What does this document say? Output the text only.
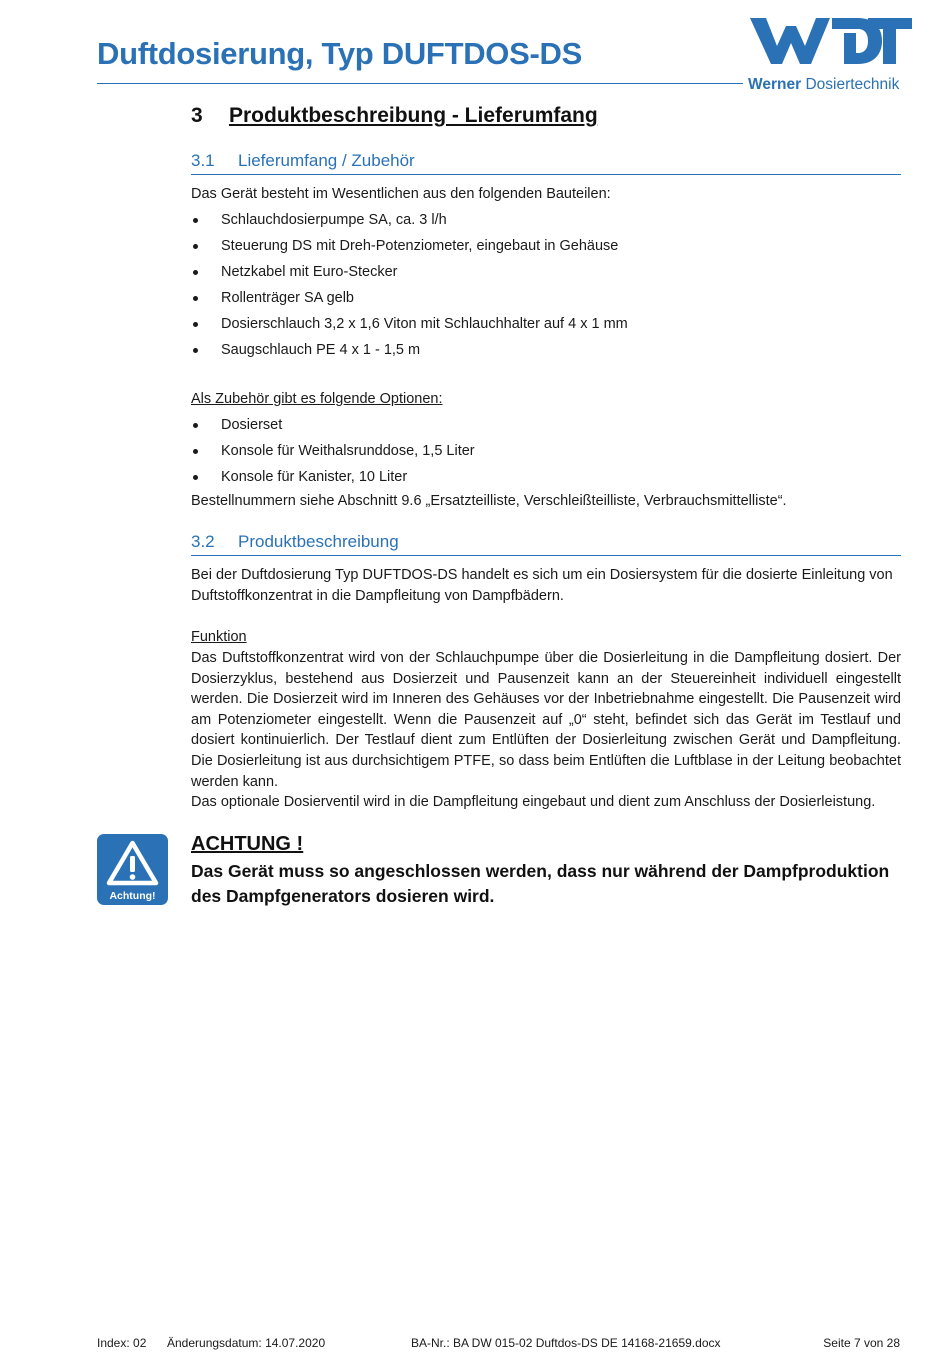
Duftdosierung, Typ DUFTDOS-DS
Werner Dosiertechnik
3 Produktbeschreibung - Lieferumfang
3.1 Lieferumfang / Zubehör
Das Gerät besteht im Wesentlichen aus den folgenden Bauteilen:
Schlauchdosierpumpe SA, ca. 3 l/h
Steuerung DS mit Dreh-Potenziometer, eingebaut in Gehäuse
Netzkabel mit Euro-Stecker
Rollenträger SA gelb
Dosierschlauch 3,2 x 1,6 Viton mit Schlauchhalter auf 4 x 1 mm
Saugschlauch PE 4 x 1 - 1,5 m
Als Zubehör gibt es folgende Optionen:
Dosierset
Konsole für Weithalsrunddose, 1,5 Liter
Konsole für Kanister, 10 Liter
Bestellnummern siehe Abschnitt 9.6 „Ersatzteilliste, Verschleißteilliste, Verbrauchsmittelliste“.
3.2 Produktbeschreibung
Bei der Duftdosierung Typ DUFTDOS-DS handelt es sich um ein Dosiersystem für die dosierte Einleitung von Duftstoffkonzentrat in die Dampfleitung von Dampfbädern.
Funktion
Das Duftstoffkonzentrat wird von der Schlauchpumpe über die Dosierleitung in die Dampfleitung dosiert. Der Dosierzyklus, bestehend aus Dosierzeit und Pausenzeit kann an der Steuereinheit individuell eingestellt werden. Die Dosierzeit wird im Inneren des Gehäuses vor der Inbetriebnahme eingestellt. Die Pausenzeit wird am Potenziometer eingestellt. Wenn die Pausenzeit auf „0“ steht, befindet sich das Gerät im Testlauf und dosiert kontinuierlich. Der Testlauf dient zum Entlüften der Dosierleitung zwischen Gerät und Dampfleitung. Die Dosierleitung ist aus durchsichtigem PTFE, so dass beim Entlüften die Luftblase in der Leitung beobachtet werden kann.
Das optionale Dosierventil wird in die Dampfleitung eingebaut und dient zum Anschluss der Dosierleistung.
Achtung!
ACHTUNG !
Das Gerät muss so angeschlossen werden, dass nur während der Dampfproduktion des Dampfgenerators dosieren wird.
Index: 02 Änderungsdatum: 14.07.2020	BA-Nr.: BA DW 015-02 Duftdos-DS DE 14168-21659.docx	Seite 7 von 28
